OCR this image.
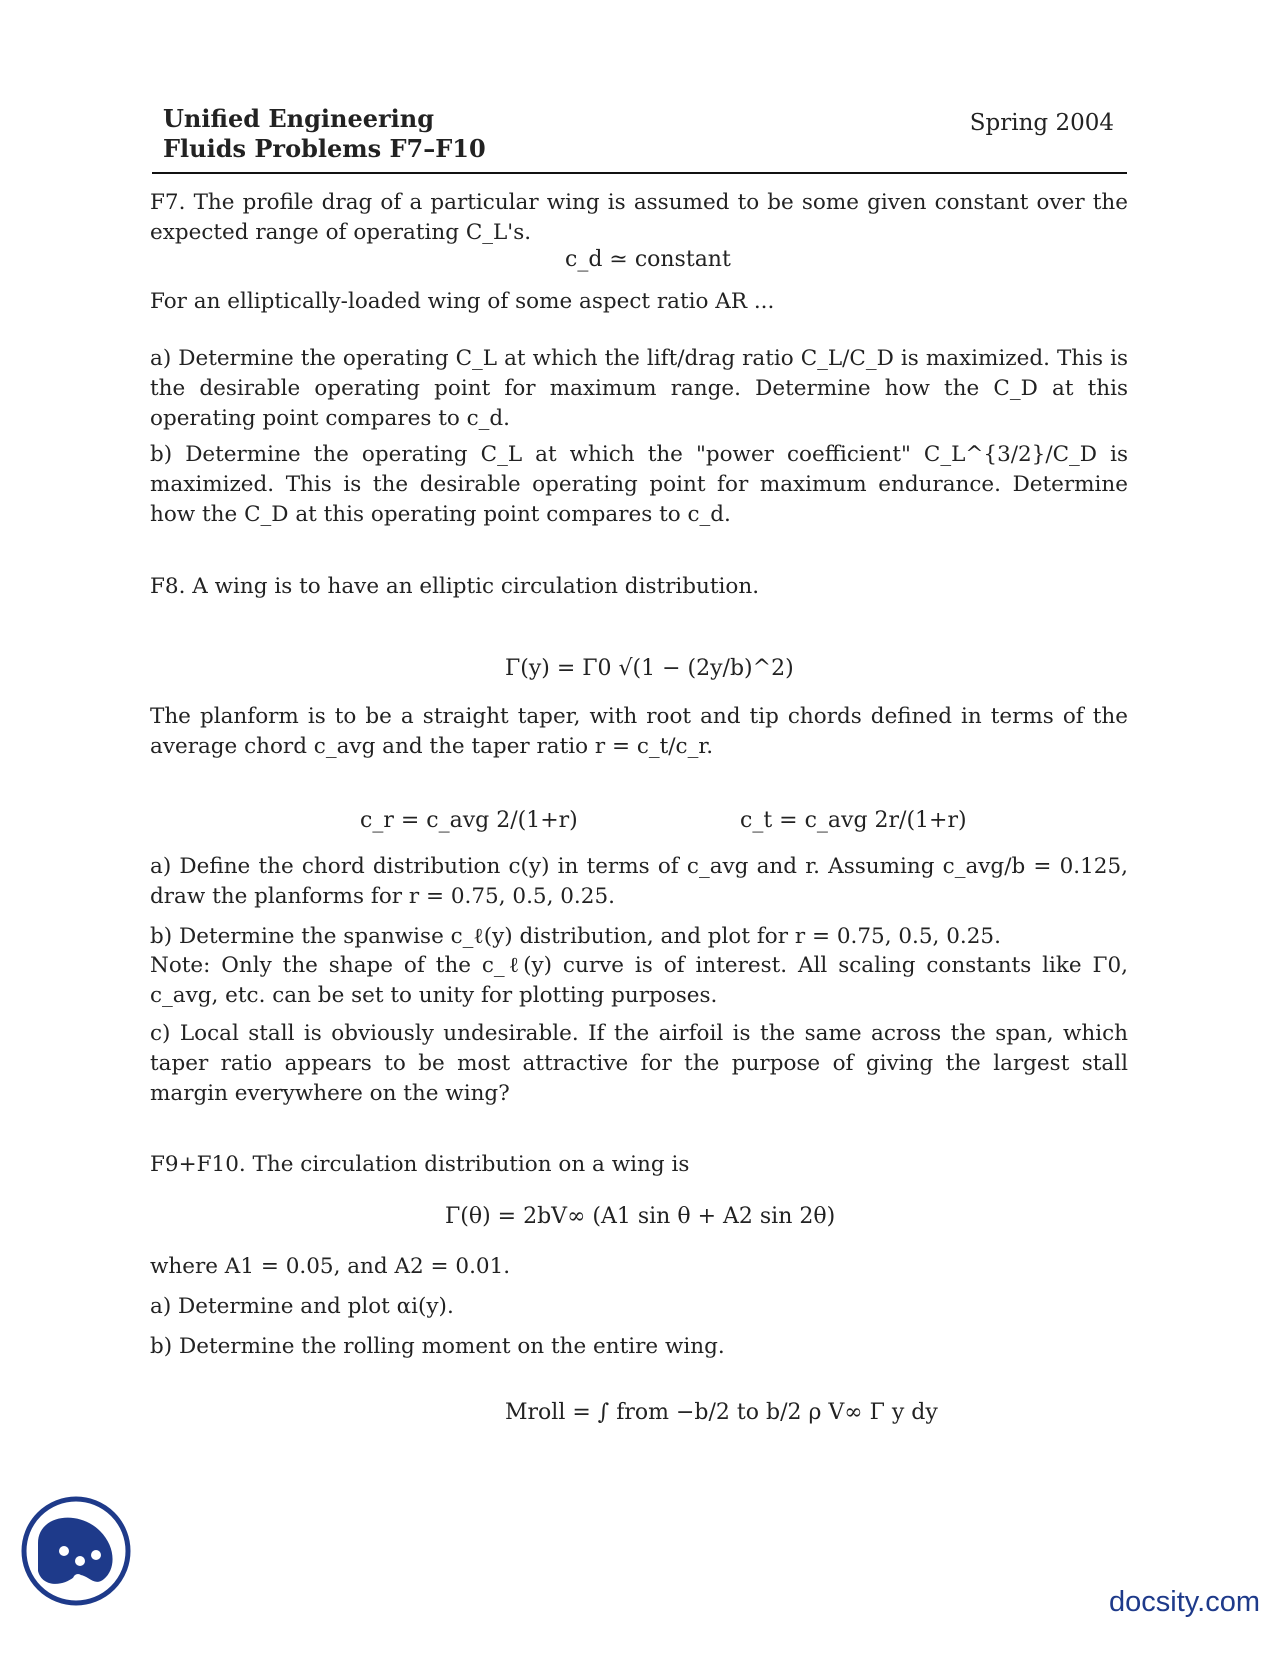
Unified Engineering
Fluids Problems F7–F10
Spring 2004
F7. The profile drag of a particular wing is assumed to be some given constant over the expected range of operating C_L's.
c_d ≃ constant
For an elliptically-loaded wing of some aspect ratio AR ...
a) Determine the operating C_L at which the lift/drag ratio C_L/C_D is maximized. This is the desirable operating point for maximum range. Determine how the C_D at this operating point compares to c_d.
b) Determine the operating C_L at which the "power coefficient" C_L^{3/2}/C_D is maximized. This is the desirable operating point for maximum endurance. Determine how the C_D at this operating point compares to c_d.
F8. A wing is to have an elliptic circulation distribution.
Γ(y) = Γ0 √(1 − (2y/b)^2)
The planform is to be a straight taper, with root and tip chords defined in terms of the average chord c_avg and the taper ratio r = c_t/c_r.
c_r = c_avg 2/(1+r)	c_t = c_avg 2r/(1+r)
a) Define the chord distribution c(y) in terms of c_avg and r. Assuming c_avg/b = 0.125, draw the planforms for r = 0.75, 0.5, 0.25.
b) Determine the spanwise c_ℓ(y) distribution, and plot for r = 0.75, 0.5, 0.25.
Note: Only the shape of the c_ℓ(y) curve is of interest. All scaling constants like Γ0, c_avg, etc. can be set to unity for plotting purposes.
c) Local stall is obviously undesirable. If the airfoil is the same across the span, which taper ratio appears to be most attractive for the purpose of giving the largest stall margin everywhere on the wing?
F9+F10. The circulation distribution on a wing is
Γ(θ) = 2bV∞ (A1 sin θ + A2 sin 2θ)
where A1 = 0.05, and A2 = 0.01.
a) Determine and plot αi(y).
b) Determine the rolling moment on the entire wing.
Mroll = ∫ from −b/2 to b/2 ρ V∞ Γ y dy
docsity.com
